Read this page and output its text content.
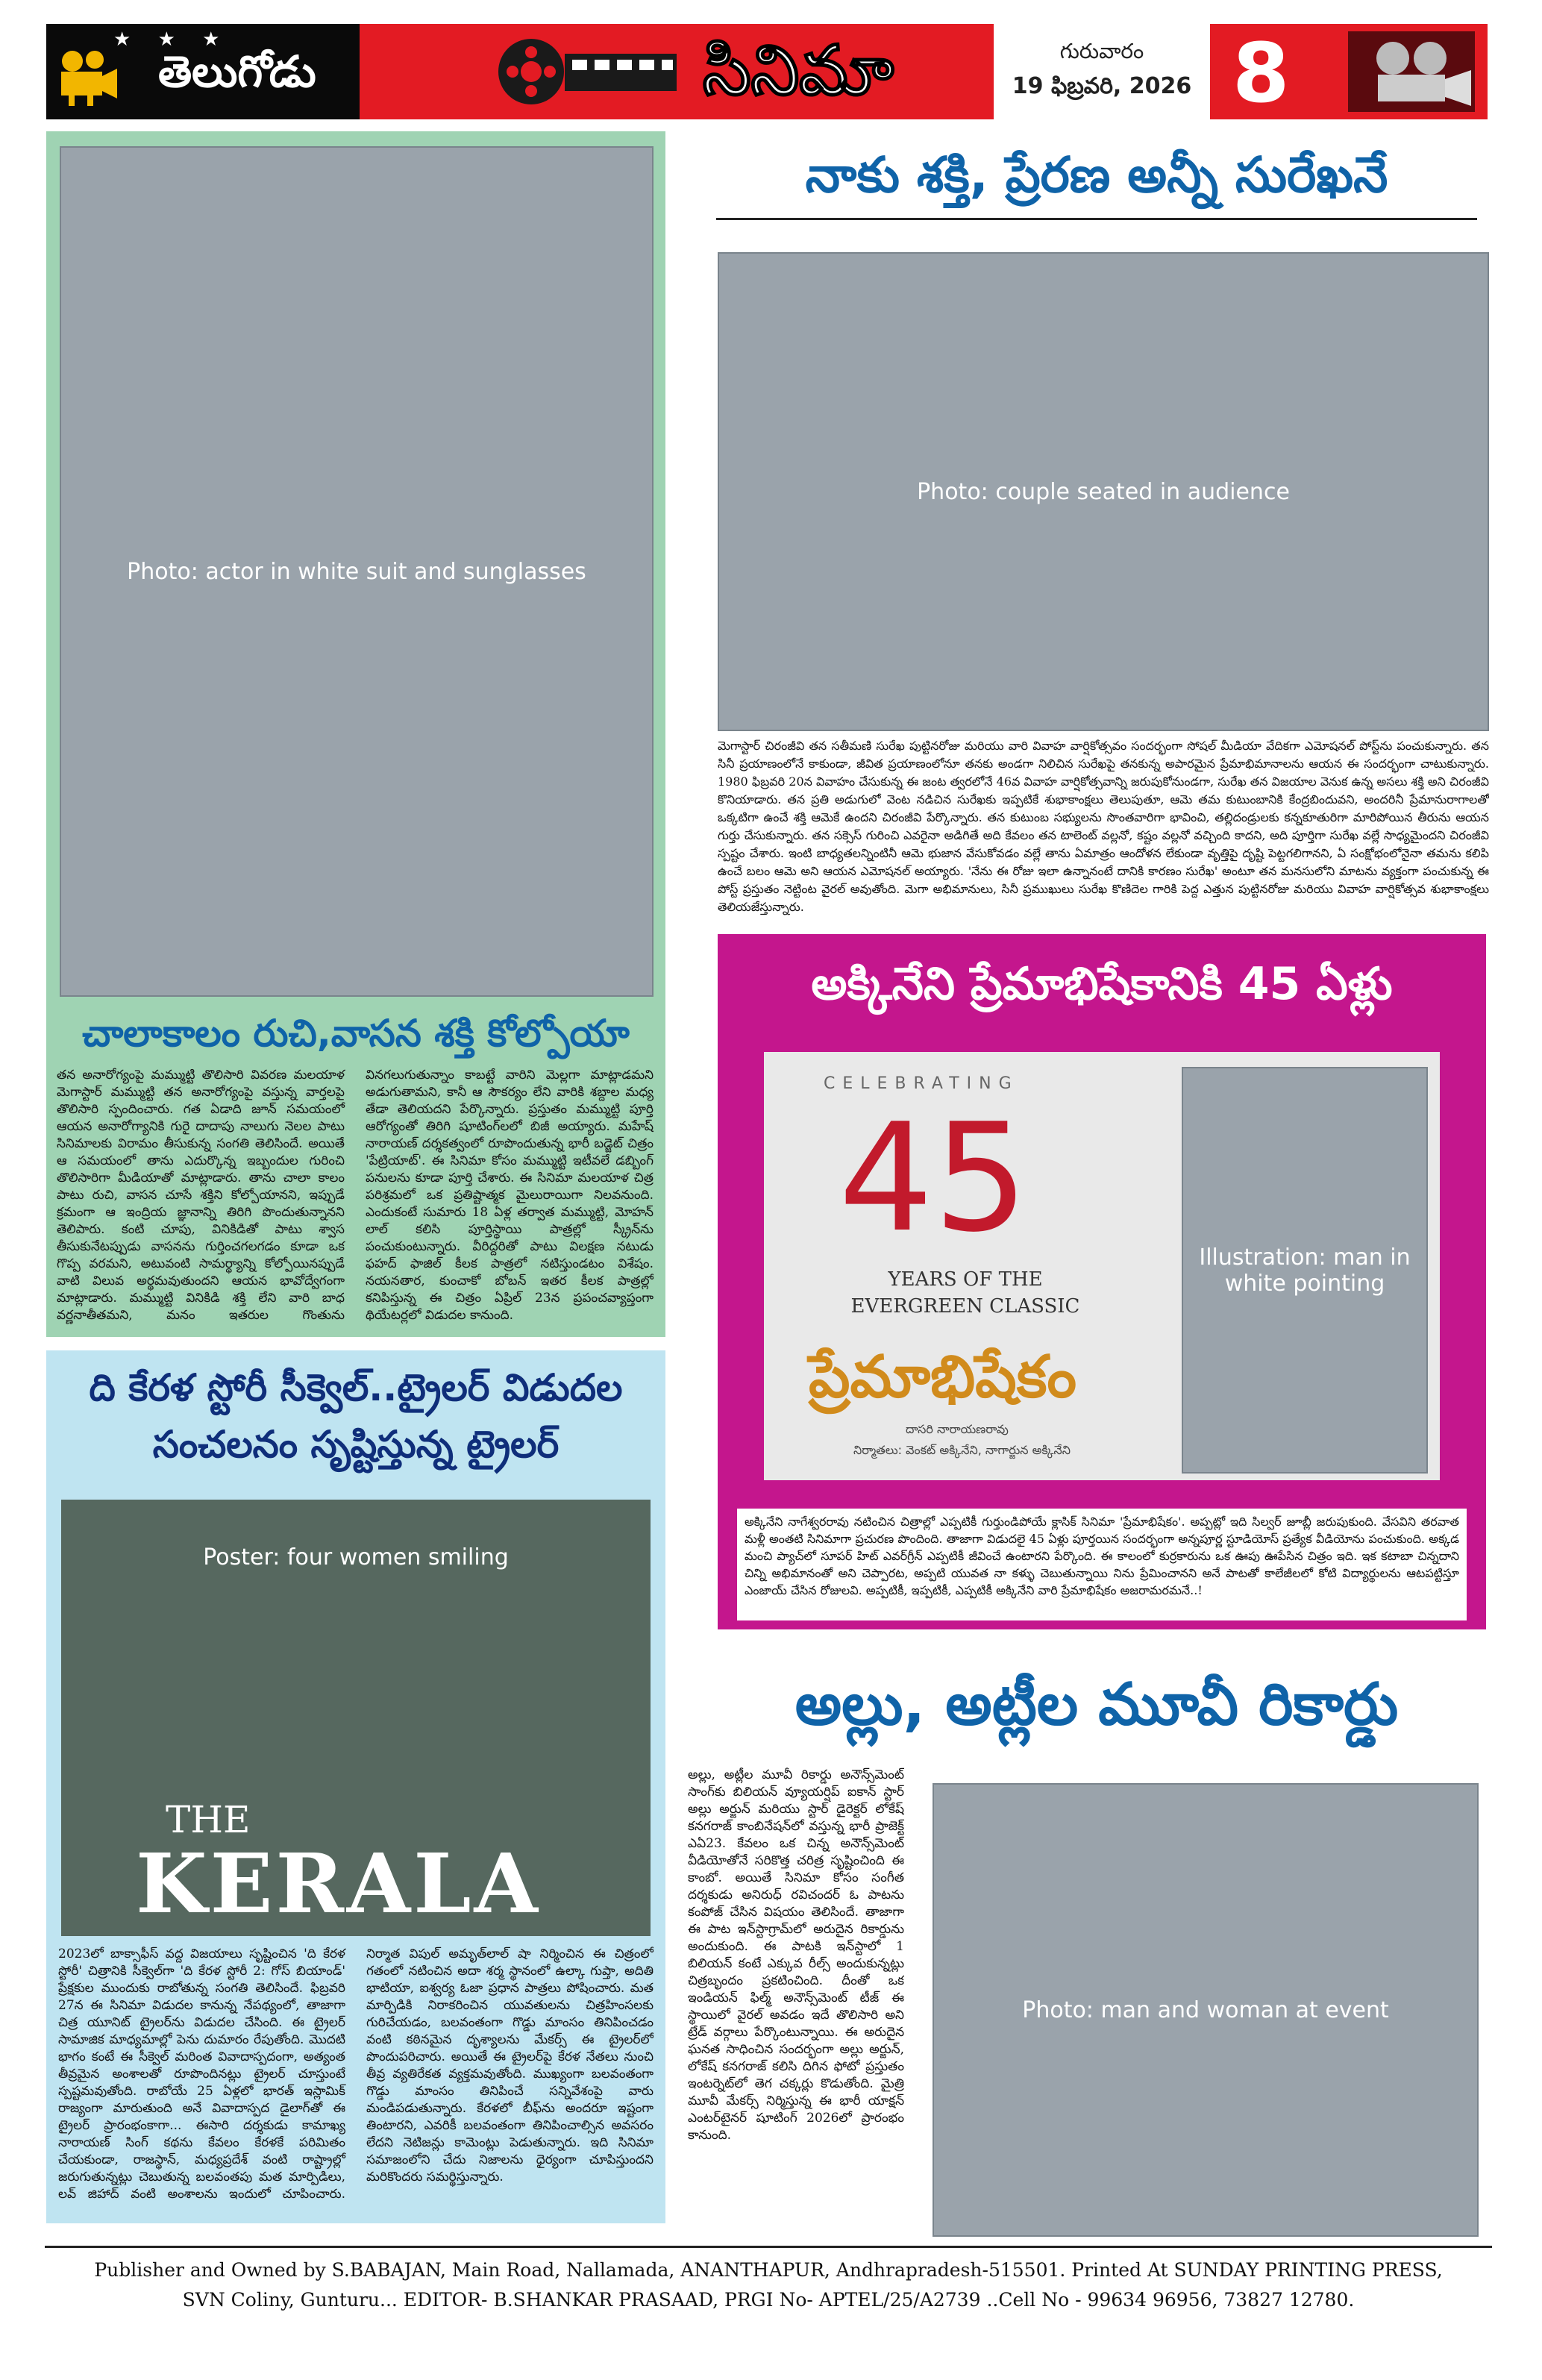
★ ★ ★
తెలుగోడు	సినిమా	గురువారం
19 ఫిబ్రవరి, 2026 8
Photo: actor in white suit and sunglasses
చాలాకాలం రుచి,వాసన శక్తి కోల్పోయా
తన అనారోగ్యంపై మమ్ముట్టి తొలిసారి వివరణ మలయాళ మెగాస్టార్ మమ్ముట్టి తన అనారోగ్యంపై వస్తున్న వార్తలపై తొలిసారి స్పందించారు. గత ఏడాది జూన్ సమయంలో ఆయన అనారోగ్యానికి గురై దాదాపు నాలుగు నెలల పాటు సినిమాలకు విరామం తీసుకున్న సంగతి తెలిసిందే. అయితే ఆ సమయంలో తాను ఎదుర్కొన్న ఇబ్బందుల గురించి తొలిసారిగా మీడియాతో మాట్లాడారు. తాను చాలా కాలం పాటు రుచి, వాసన చూసే శక్తిని కోల్పోయానని, ఇప్పుడే క్రమంగా ఆ ఇంద్రియ జ్ఞానాన్ని తిరిగి పొందుతున్నానని తెలిపారు. కంటి చూపు, వినికిడితో పాటు శ్వాస తీసుకునేటప్పుడు వాసనను గుర్తించగలగడం కూడా ఒక గొప్ప వరమని, అటువంటి సామర్థ్యాన్ని కోల్పోయినప్పుడే వాటి విలువ అర్థమవుతుందని ఆయన భావోద్వేగంగా మాట్లాడారు. మమ్ముట్టి వినికిడి శక్తి లేని వారి బాధ వర్ణనాతీతమని, మనం ఇతరుల గొంతును వినగలుగుతున్నాం కాబట్టే వారిని మెల్లగా మాట్లాడమని అడుగుతామని, కానీ ఆ సౌకర్యం లేని వారికి శబ్దాల మధ్య తేడా తెలియదని పేర్కొన్నారు. ప్రస్తుతం మమ్ముట్టి పూర్తి ఆరోగ్యంతో తిరిగి షూటింగ్‌లలో బిజీ అయ్యారు. మహేష్ నారాయణ్ దర్శకత్వంలో రూపొందుతున్న భారీ బడ్జెట్ చిత్రం 'పేట్రియాట్'. ఈ సినిమా కోసం మమ్ముట్టి ఇటీవలే డబ్బింగ్ పనులను కూడా పూర్తి చేశారు. ఈ సినిమా మలయాళ చిత్ర పరిశ్రమలో ఒక ప్రతిష్టాత్మక మైలురాయిగా నిలవనుంది. ఎందుకంటే సుమారు 18 ఏళ్ల తర్వాత మమ్ముట్టి, మోహన్ లాల్ కలిసి పూర్తిస్థాయి పాత్రల్లో స్క్రీన్‌ను పంచుకుంటున్నారు. వీరిద్దరితో పాటు విలక్షణ నటుడు ఫహద్ ఫాజిల్ కీలక పాత్రలో నటిస్తుండటం విశేషం. నయనతార, కుంచాకో బోబన్ ఇతర కీలక పాత్రల్లో కనిపిస్తున్న ఈ చిత్రం ఏప్రిల్ 23న ప్రపంచవ్యాప్తంగా థియేటర్లలో విడుదల కానుంది.
ది కేరళ స్టోరీ సీక్వెల్..ట్రైలర్ విడుదల
సంచలనం సృష్టిస్తున్న ట్రైలర్
Poster: four women smiling
THE
KERALA
2023లో బాక్సాఫీస్ వద్ద విజయాలు సృష్టించిన 'ది కేరళ స్టోరీ' చిత్రానికి సీక్వెల్‌గా 'ది కేరళ స్టోరీ 2: గోస్ బియాండ్' ప్రేక్షకుల ముందుకు రాబోతున్న సంగతి తెలిసిందే. ఫిబ్రవరి 27న ఈ సినిమా విడుదల కానున్న నేపథ్యంలో, తాజాగా చిత్ర యూనిట్ ట్రైలర్‌ను విడుదల చేసింది. ఈ ట్రైలర్ సామాజిక మాధ్యమాల్లో పెను దుమారం రేపుతోంది. మొదటి భాగం కంటే ఈ సీక్వెల్ మరింత వివాదాస్పదంగా, అత్యంత తీవ్రమైన అంశాలతో రూపొందినట్లు ట్రైలర్ చూస్తుంటే స్పష్టమవుతోంది. రాబోయే 25 ఏళ్లలో భారత్ ఇస్లామిక్ రాజ్యంగా మారుతుంది అనే వివాదాస్పద డైలాగ్‌తో ఈ ట్రైలర్ ప్రారంభంకాగా... ఈసారి దర్శకుడు కామాఖ్య నారాయణ్ సింగ్ కథను కేవలం కేరళకే పరిమితం చేయకుండా, రాజస్థాన్, మధ్యప్రదేశ్ వంటి రాష్ట్రాల్లో జరుగుతున్నట్లు చెబుతున్న బలవంతపు మత మార్పిడిలు, లవ్ జిహాద్ వంటి అంశాలను ఇందులో చూపించారు. నిర్మాత విపుల్ అమృత్‌లాల్ షా నిర్మించిన ఈ చిత్రంలో గతంలో నటించిన అదా శర్మ స్థానంలో ఉల్కా గుప్తా, అదితి భాటియా, ఐశ్వర్య ఓజా ప్రధాన పాత్రలు పోషించారు. మత మార్పిడికి నిరాకరించిన యువతులను చిత్రహింసలకు గురిచేయడం, బలవంతంగా గొడ్డు మాంసం తినిపించడం వంటి కఠినమైన దృశ్యాలను మేకర్స్ ఈ ట్రైలర్‌లో పొందుపరిచారు. అయితే ఈ ట్రైలర్‌పై కేరళ నేతలు నుంచి తీవ్ర వ్యతిరేకత వ్యక్తమవుతోంది. ముఖ్యంగా బలవంతంగా గొడ్డు మాంసం తినిపించే సన్నివేశంపై వారు మండిపడుతున్నారు. కేరళలో బీఫ్‌ను అందరూ ఇష్టంగా తింటారని, ఎవరికీ బలవంతంగా తినిపించాల్సిన అవసరం లేదని నెటిజన్లు కామెంట్లు పెడుతున్నారు. ఇది సినిమా సమాజంలోని చేదు నిజాలను ధైర్యంగా చూపిస్తుందని మరికొందరు సమర్థిస్తున్నారు.
నాకు శక్తి, ప్రేరణ అన్నీ సురేఖనే
Photo: couple seated in audience
మెగాస్టార్ చిరంజీవి తన సతీమణి సురేఖ పుట్టినరోజు మరియు వారి వివాహ వార్షికోత్సవం సందర్భంగా సోషల్ మీడియా వేదికగా ఎమోషనల్ పోస్ట్‌ను పంచుకున్నారు. తన సినీ ప్రయాణంలోనే కాకుండా, జీవిత ప్రయాణంలోనూ తనకు అండగా నిలిచిన సురేఖపై తనకున్న అపారమైన ప్రేమాభిమానాలను ఆయన ఈ సందర్భంగా చాటుకున్నారు. 1980 ఫిబ్రవరి 20న వివాహం చేసుకున్న ఈ జంట త్వరలోనే 46వ వివాహ వార్షికోత్సవాన్ని జరుపుకోనుండగా, సురేఖ తన విజయాల వెనుక ఉన్న అసలు శక్తి అని చిరంజీవి కొనియాడారు. తన ప్రతి అడుగులో వెంట నడిచిన సురేఖకు ఇప్పటికే శుభాకాంక్షలు తెలుపుతూ, ఆమె తమ కుటుంబానికి కేంద్రబిందువని, అందరినీ ప్రేమానురాగాలతో ఒక్కటిగా ఉంచే శక్తి ఆమెకే ఉందని చిరంజీవి పేర్కొన్నారు. తన కుటుంబ సభ్యులను సొంతవారిగా భావించి, తల్లిదండ్రులకు కన్నకూతురిగా మారిపోయిన తీరును ఆయన గుర్తు చేసుకున్నారు. తన సక్సెస్ గురించి ఎవరైనా అడిగితే అది కేవలం తన టాలెంట్ వల్లనో, కష్టం వల్లనో వచ్చింది కాదని, అది పూర్తిగా సురేఖ వల్లే సాధ్యమైందని చిరంజీవి స్పష్టం చేశారు. ఇంటి బాధ్యతలన్నింటినీ ఆమె భుజాన వేసుకోవడం వల్లే తాను ఏమాత్రం ఆందోళన లేకుండా వృత్తిపై దృష్టి పెట్టగలిగానని, ఏ సంక్షోభంలోనైనా తమను కలిపి ఉంచే బలం ఆమె అని ఆయన ఎమోషనల్ అయ్యారు. 'నేను ఈ రోజు ఇలా ఉన్నానంటే దానికి కారణం సురేఖ' అంటూ తన మనసులోని మాటను వ్యక్తంగా పంచుకున్న ఈ పోస్ట్ ప్రస్తుతం నెట్టింట వైరల్ అవుతోంది. మెగా అభిమానులు, సినీ ప్రముఖులు సురేఖ కొణిదెల గారికి పెద్ద ఎత్తున పుట్టినరోజు మరియు వివాహ వార్షికోత్సవ శుభాకాంక్షలు తెలియజేస్తున్నారు.
అక్కినేని ప్రేమాభిషేకానికి 45 ఏళ్లు
CELEBRATING
45
YEARS OF THE
EVERGREEN CLASSIC
ప్రేమాభిషేకం
దాసరి నారాయణరావు
నిర్మాతలు: వెంకట్ అక్కినేని, నాగార్జున అక్కినేని
Illustration: man in white pointing
అక్కినేని నాగేశ్వరరావు నటించిన చిత్రాల్లో ఎప్పటికీ గుర్తుండిపోయే క్లాసిక్ సినిమా 'ప్రేమాభిషేకం'. అప్పట్లో ఇది సిల్వర్ జూబ్లీ జరుపుకుంది. వేసవిని తరవాత మళ్లీ అంతటి సినిమాగా ప్రచురణ పొందింది. తాజాగా విడుదలై 45 ఏళ్లు పూర్తయిన సందర్భంగా అన్నపూర్ణ స్టూడియోస్ ప్రత్యేక వీడియోను పంచుకుంది. అక్కడ మంచి ప్యాచ్‌లో సూపర్ హిట్ ఎవర్‌గ్రీన్ ఎప్పటికీ జీవించే ఉంటారని పేర్కొంది. ఈ కాలంలో కుర్రకారును ఒక ఊపు ఊపేసిన చిత్రం ఇది. ఇక కటాబా చిన్నదాని చిన్ని అభిమానంతో అని చెప్పారట, అప్పటి యువత నా కళ్ళు చెబుతున్నాయి నిను ప్రేమించానని అనే పాటతో కాలేజీలలో కోటి విద్యార్థులను ఆటపట్టిస్తూ ఎంజాయ్ చేసిన రోజులవి. అప్పటికీ, ఇప్పటికీ, ఎప్పటికీ అక్కినేని వారి ప్రేమాభిషేకం అజరామరమనే..!
అల్లు, అట్లీల మూవీ రికార్డు
అల్లు, అట్లీల మూవీ రికార్డు అనౌన్స్‌మెంట్ సాంగ్‌కు బిలియన్ వ్యూయర్షిప్ ఐకాన్ స్టార్ అల్లు అర్జున్ మరియు స్టార్ డైరెక్టర్ లోకేష్ కనగరాజ్ కాంబినేషన్‌లో వస్తున్న భారీ ప్రాజెక్ట్ ఎఏ23. కేవలం ఒక చిన్న అనౌన్స్‌మెంట్ వీడియోతోనే సరికొత్త చరిత్ర సృష్టించింది ఈ కాంబో. అయితే సినిమా కోసం సంగీత దర్శకుడు అనిరుధ్ రవిచందర్ ఓ పాటను కంపోజ్ చేసిన విషయం తెలిసిందే. తాజాగా ఈ పాట ఇన్‌స్టాగ్రామ్‌లో అరుదైన రికార్డును అందుకుంది. ఈ పాటకి ఇన్‌స్టాలో 1 బిలియన్ కంటే ఎక్కువ రీల్స్ అందుకున్నట్లు చిత్రబృందం ప్రకటించింది. దీంతో ఒక ఇండియన్ ఫిల్మ్ అనౌన్స్‌మెంట్ టీజ్ ఈ స్థాయిలో వైరల్ అవడం ఇదే తొలిసారి అని ట్రేడ్ వర్గాలు పేర్కొంటున్నాయి. ఈ అరుదైన ఘనత సాధించిన సందర్భంగా అల్లు అర్జున్, లోకేష్ కనగరాజ్ కలిసి దిగిన ఫోటో ప్రస్తుతం ఇంటర్నెట్‌లో తెగ చక్కర్లు కొడుతోంది. మైత్రి మూవీ మేకర్స్ నిర్మిస్తున్న ఈ భారీ యాక్షన్ ఎంటర్‌టైనర్ షూటింగ్ 2026లో ప్రారంభం కానుంది.
Photo: man and woman at event
Publisher and Owned by S.BABAJAN, Main Road, Nallamada, ANANTHAPUR, Andhrapradesh-515501. Printed At SUNDAY PRINTING PRESS,
SVN Coliny, Gunturu... EDITOR- B.SHANKAR PRASAAD, PRGI No- APTEL/25/A2739 ..Cell No - 99634 96956, 73827 12780.
